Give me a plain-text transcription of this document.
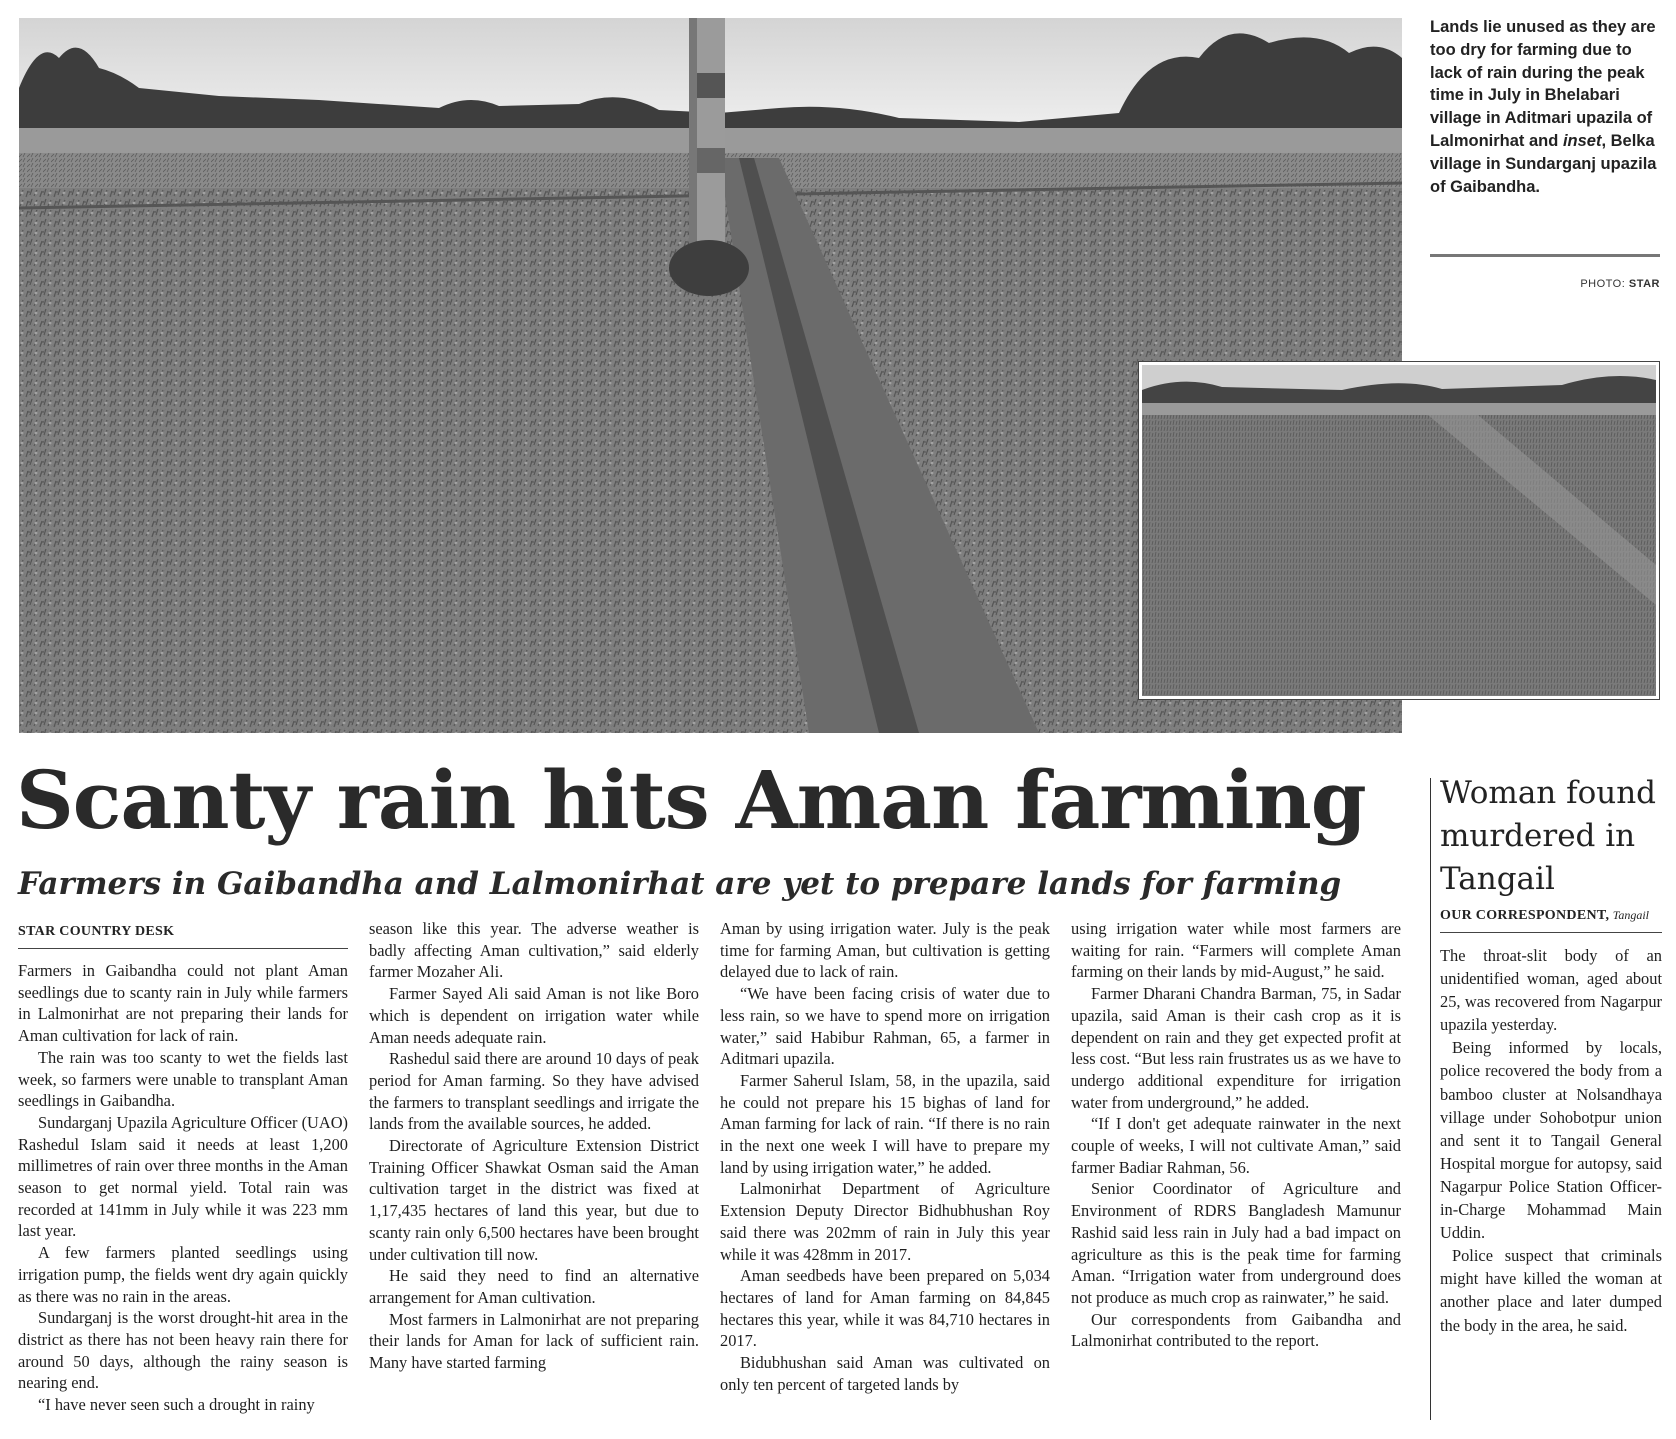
Lands lie unused as they are too dry for farming due to lack of rain during the peak time in July in Bhelabari village in Aditmari upazila of Lalmonirhat and inset, Belka village in Sundarganj upazila of Gaibandha.

PHOTO: STAR
Scanty rain hits Aman farming
Farmers in Gaibandha and Lalmonirhat are yet to prepare lands for farming
STAR COUNTRY DESK

Farmers in Gaibandha could not plant Aman seedlings due to scanty rain in July while farmers in Lalmonirhat are not preparing their lands for Aman cultivation for lack of rain.

The rain was too scanty to wet the fields last week, so farmers were unable to transplant Aman seedlings in Gaibandha.

Sundarganj Upazila Agriculture Officer (UAO) Rashedul Islam said it needs at least 1,200 millimetres of rain over three months in the Aman season to get normal yield. Total rain was recorded at 141mm in July while it was 223 mm last year.

A few farmers planted seedlings using irrigation pump, the fields went dry again quickly as there was no rain in the areas.

Sundarganj is the worst drought-hit area in the district as there has not been heavy rain there for around 50 days, although the rainy season is nearing end.

“I have never seen such a drought in rainy

season like this year. The adverse weather is badly affecting Aman cultivation,” said elderly farmer Mozaher Ali.

Farmer Sayed Ali said Aman is not like Boro which is dependent on irrigation water while Aman needs adequate rain.

Rashedul said there are around 10 days of peak period for Aman farming. So they have advised the farmers to transplant seedlings and irrigate the lands from the available sources, he added.

Directorate of Agriculture Extension District Training Officer Shawkat Osman said the Aman cultivation target in the district was fixed at 1,17,435 hectares of land this year, but due to scanty rain only 6,500 hectares have been brought under cultivation till now.

He said they need to find an alternative arrangement for Aman cultivation.

Most farmers in Lalmonirhat are not preparing their lands for Aman for lack of sufficient rain. Many have started farming

Aman by using irrigation water. July is the peak time for farming Aman, but cultivation is getting delayed due to lack of rain.

“We have been facing crisis of water due to less rain, so we have to spend more on irrigation water,” said Habibur Rahman, 65, a farmer in Aditmari upazila.

Farmer Saherul Islam, 58, in the upazila, said he could not prepare his 15 bighas of land for Aman farming for lack of rain. “If there is no rain in the next one week I will have to prepare my land by using irrigation water,” he added.

Lalmonirhat Department of Agriculture Extension Deputy Director Bidhubhushan Roy said there was 202mm of rain in July this year while it was 428mm in 2017.

Aman seedbeds have been prepared on 5,034 hectares of land for Aman farming on 84,845 hectares this year, while it was 84,710 hectares in 2017.

Bidubhushan said Aman was cultivated on only ten percent of targeted lands by

using irrigation water while most farmers are waiting for rain. “Farmers will complete Aman farming on their lands by mid-August,” he said.

Farmer Dharani Chandra Barman, 75, in Sadar upazila, said Aman is their cash crop as it is dependent on rain and they get expected profit at less cost. “But less rain frustrates us as we have to undergo additional expenditure for irrigation water from underground,” he added.

“If I don't get adequate rainwater in the next couple of weeks, I will not cultivate Aman,” said farmer Badiar Rahman, 56.

Senior Coordinator of Agriculture and Environment of RDRS Bangladesh Mamunur Rashid said less rain in July had a bad impact on agriculture as this is the peak time for farming Aman. “Irrigation water from underground does not produce as much crop as rainwater,” he said.

Our correspondents from Gaibandha and Lalmonirhat contributed to the report.

Woman found murdered in Tangail
OUR CORRESPONDENT, Tangail

The throat-slit body of an unidentified woman, aged about 25, was recovered from Nagarpur upazila yesterday.

Being informed by locals, police recovered the body from a bamboo cluster at Nolsandhaya village under Sohobotpur union and sent it to Tangail General Hospital morgue for autopsy, said Nagarpur Police Station Officer-in-Charge Mohammad Main Uddin.

Police suspect that criminals might have killed the woman at another place and later dumped the body in the area, he said.
